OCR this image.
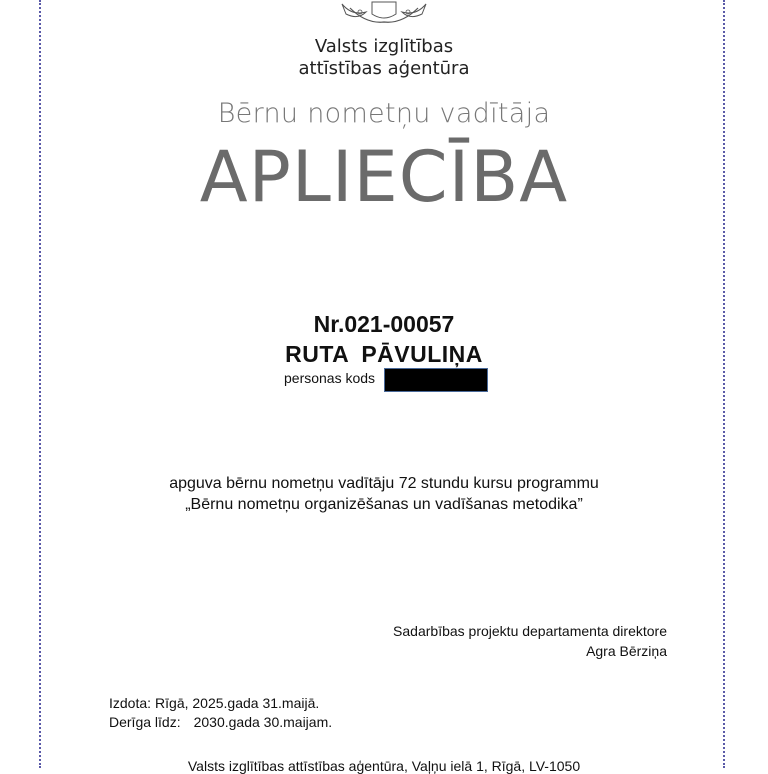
Valsts izglītības
attīstības aģentūra
Bērnu nometņu vadītāja
APLIECĪBA
Nr.021-00057
RUTA PĀVULIŅA
personas kods
apguva bērnu nometņu vadītāju 72 stundu kursu programmu
„Bērnu nometņu organizēšanas un vadīšanas metodika”
Sadarbības projektu departamenta direktore
Agra Bērziņa
Izdota: Rīgā, 2025.gada 31.maijā.
Derīga līdz: 2030.gada 30.maijam.
Valsts izglītības attīstības aģentūra, Vaļņu ielā 1, Rīgā, LV-1050
